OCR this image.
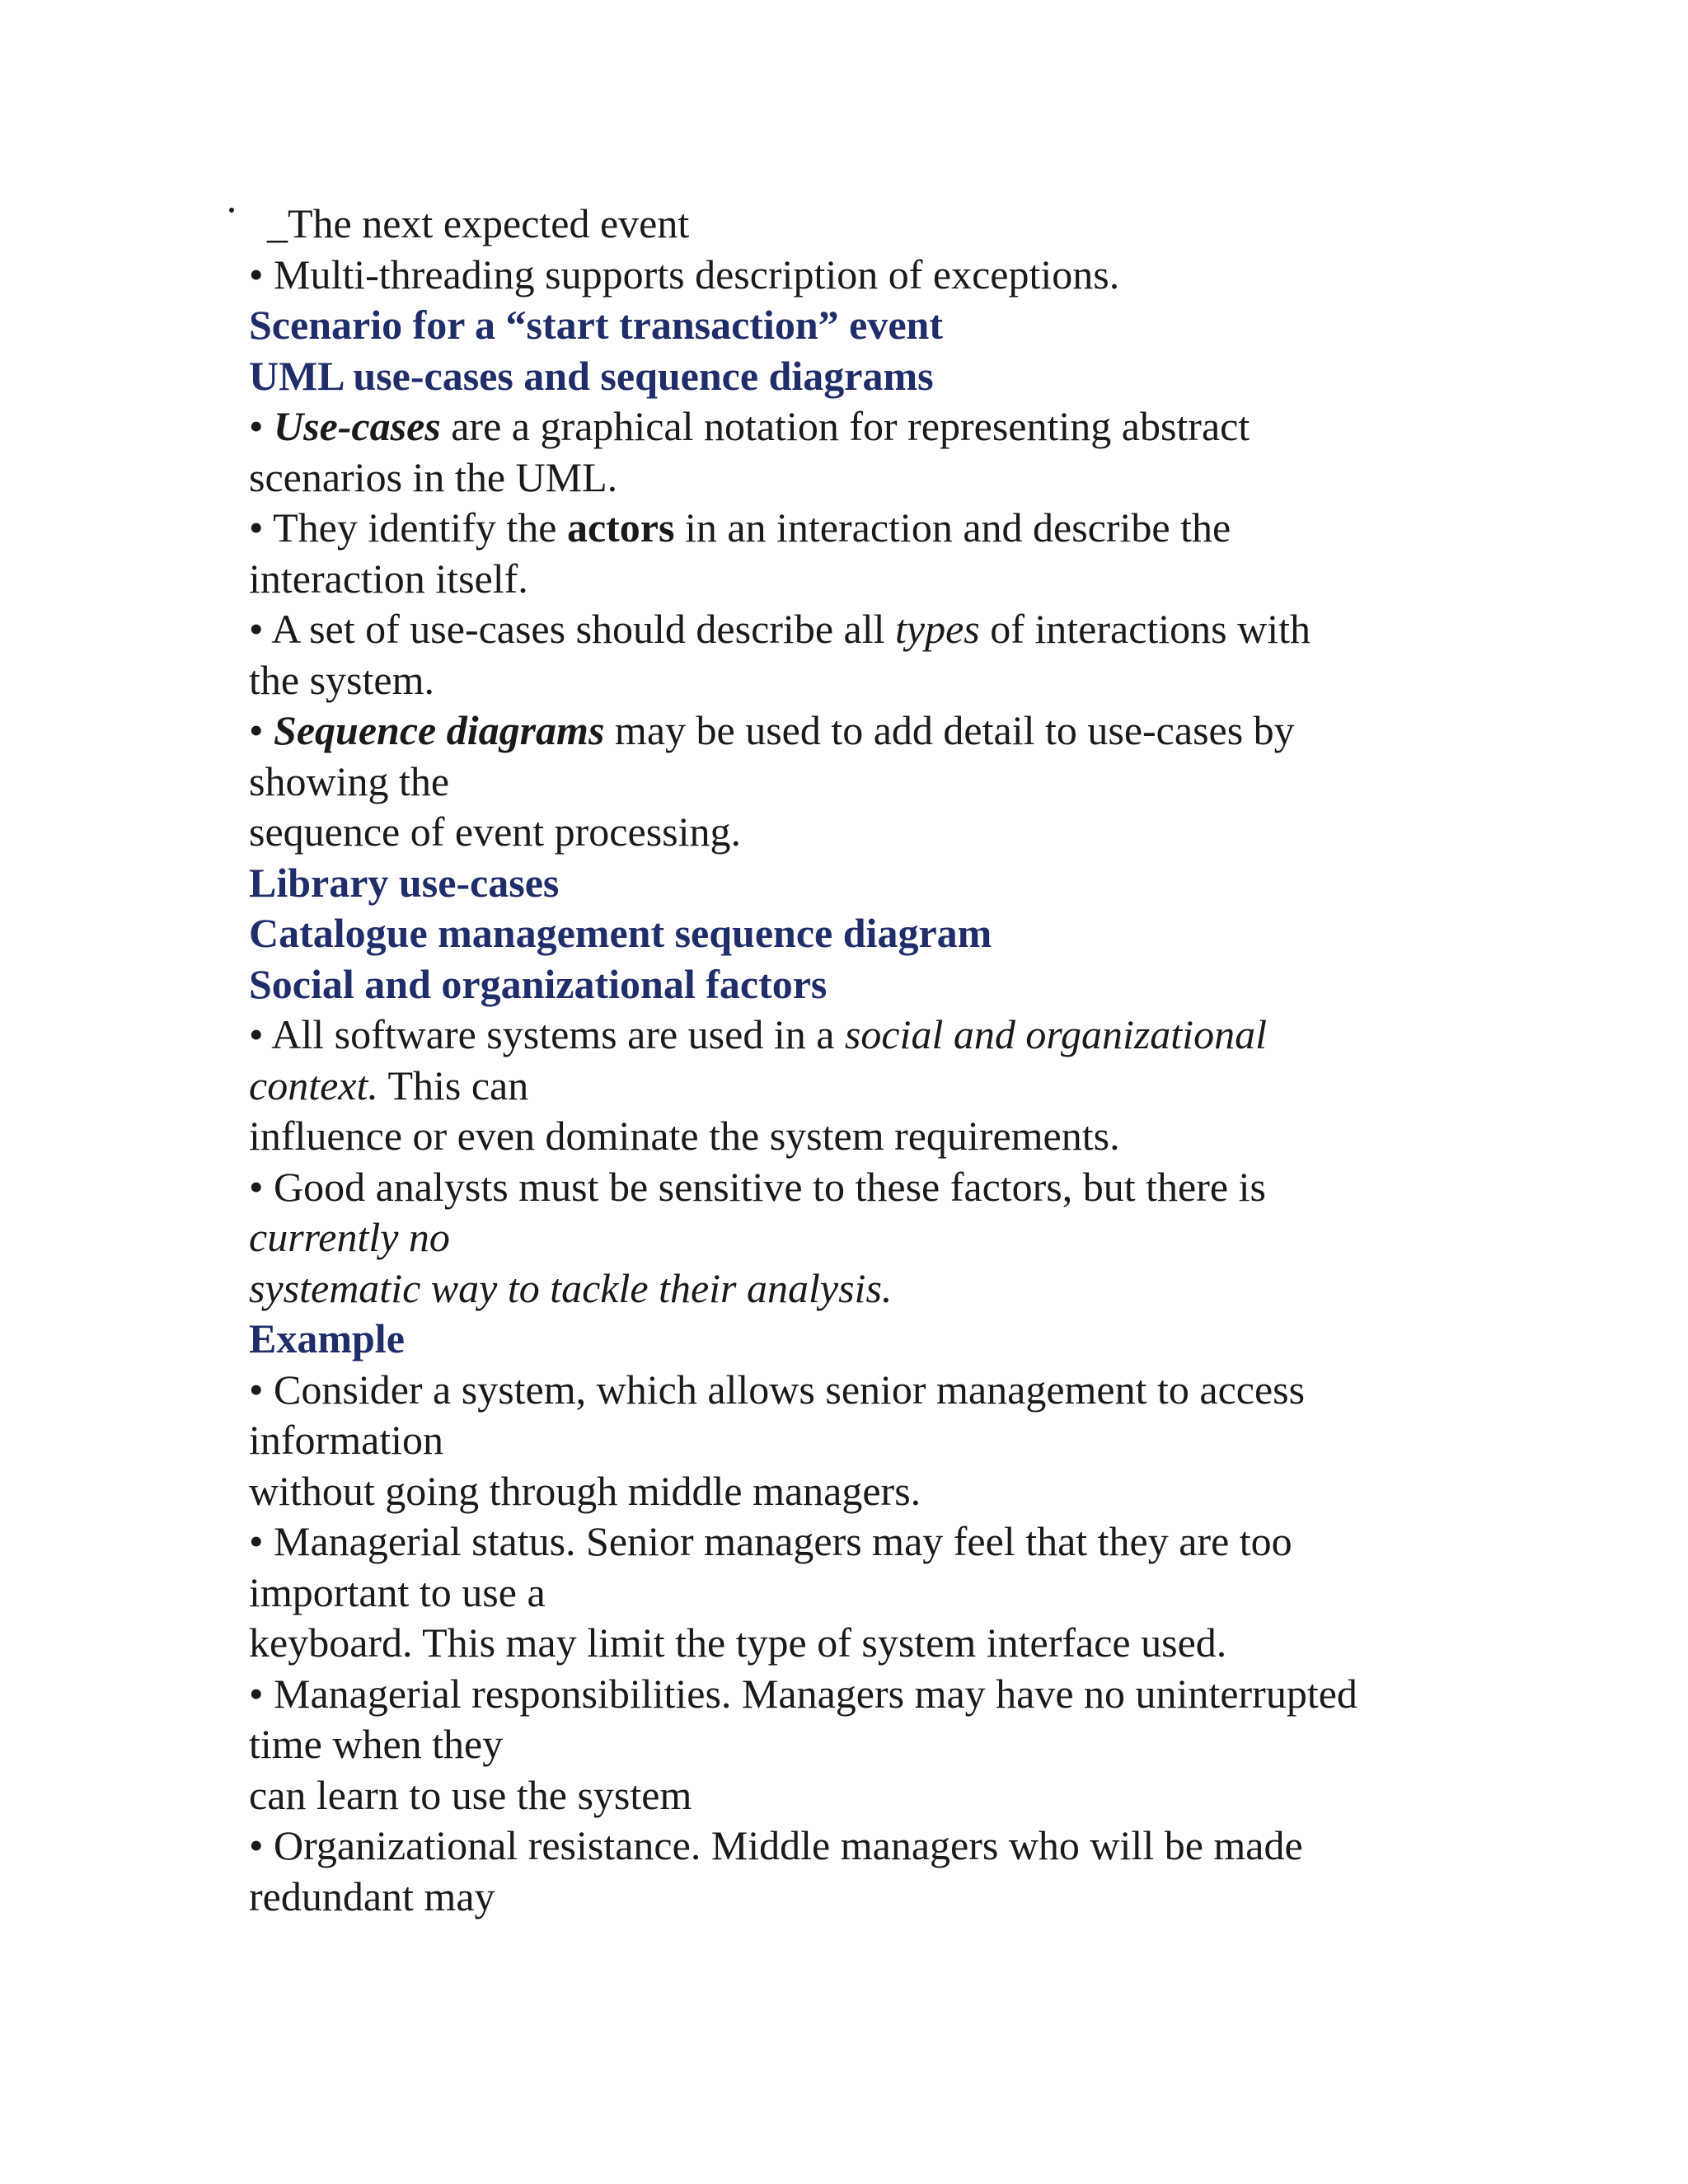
_The next expected event
• Multi-threading supports description of exceptions.
Scenario for a “start transaction” event
UML use-cases and sequence diagrams
• Use-cases are a graphical notation for representing abstract
scenarios in the UML.
• They identify the actors in an interaction and describe the
interaction itself.
• A set of use-cases should describe all types of interactions with
the system.
• Sequence diagrams may be used to add detail to use-cases by
showing the
sequence of event processing.
Library use-cases
Catalogue management sequence diagram
Social and organizational factors
• All software systems are used in a social and organizational
context. This can
influence or even dominate the system requirements.
• Good analysts must be sensitive to these factors, but there is
currently no
systematic way to tackle their analysis.
Example
• Consider a system, which allows senior management to access
information
without going through middle managers.
• Managerial status. Senior managers may feel that they are too
important to use a
keyboard. This may limit the type of system interface used.
• Managerial responsibilities. Managers may have no uninterrupted
time when they
can learn to use the system
• Organizational resistance. Middle managers who will be made
redundant may
